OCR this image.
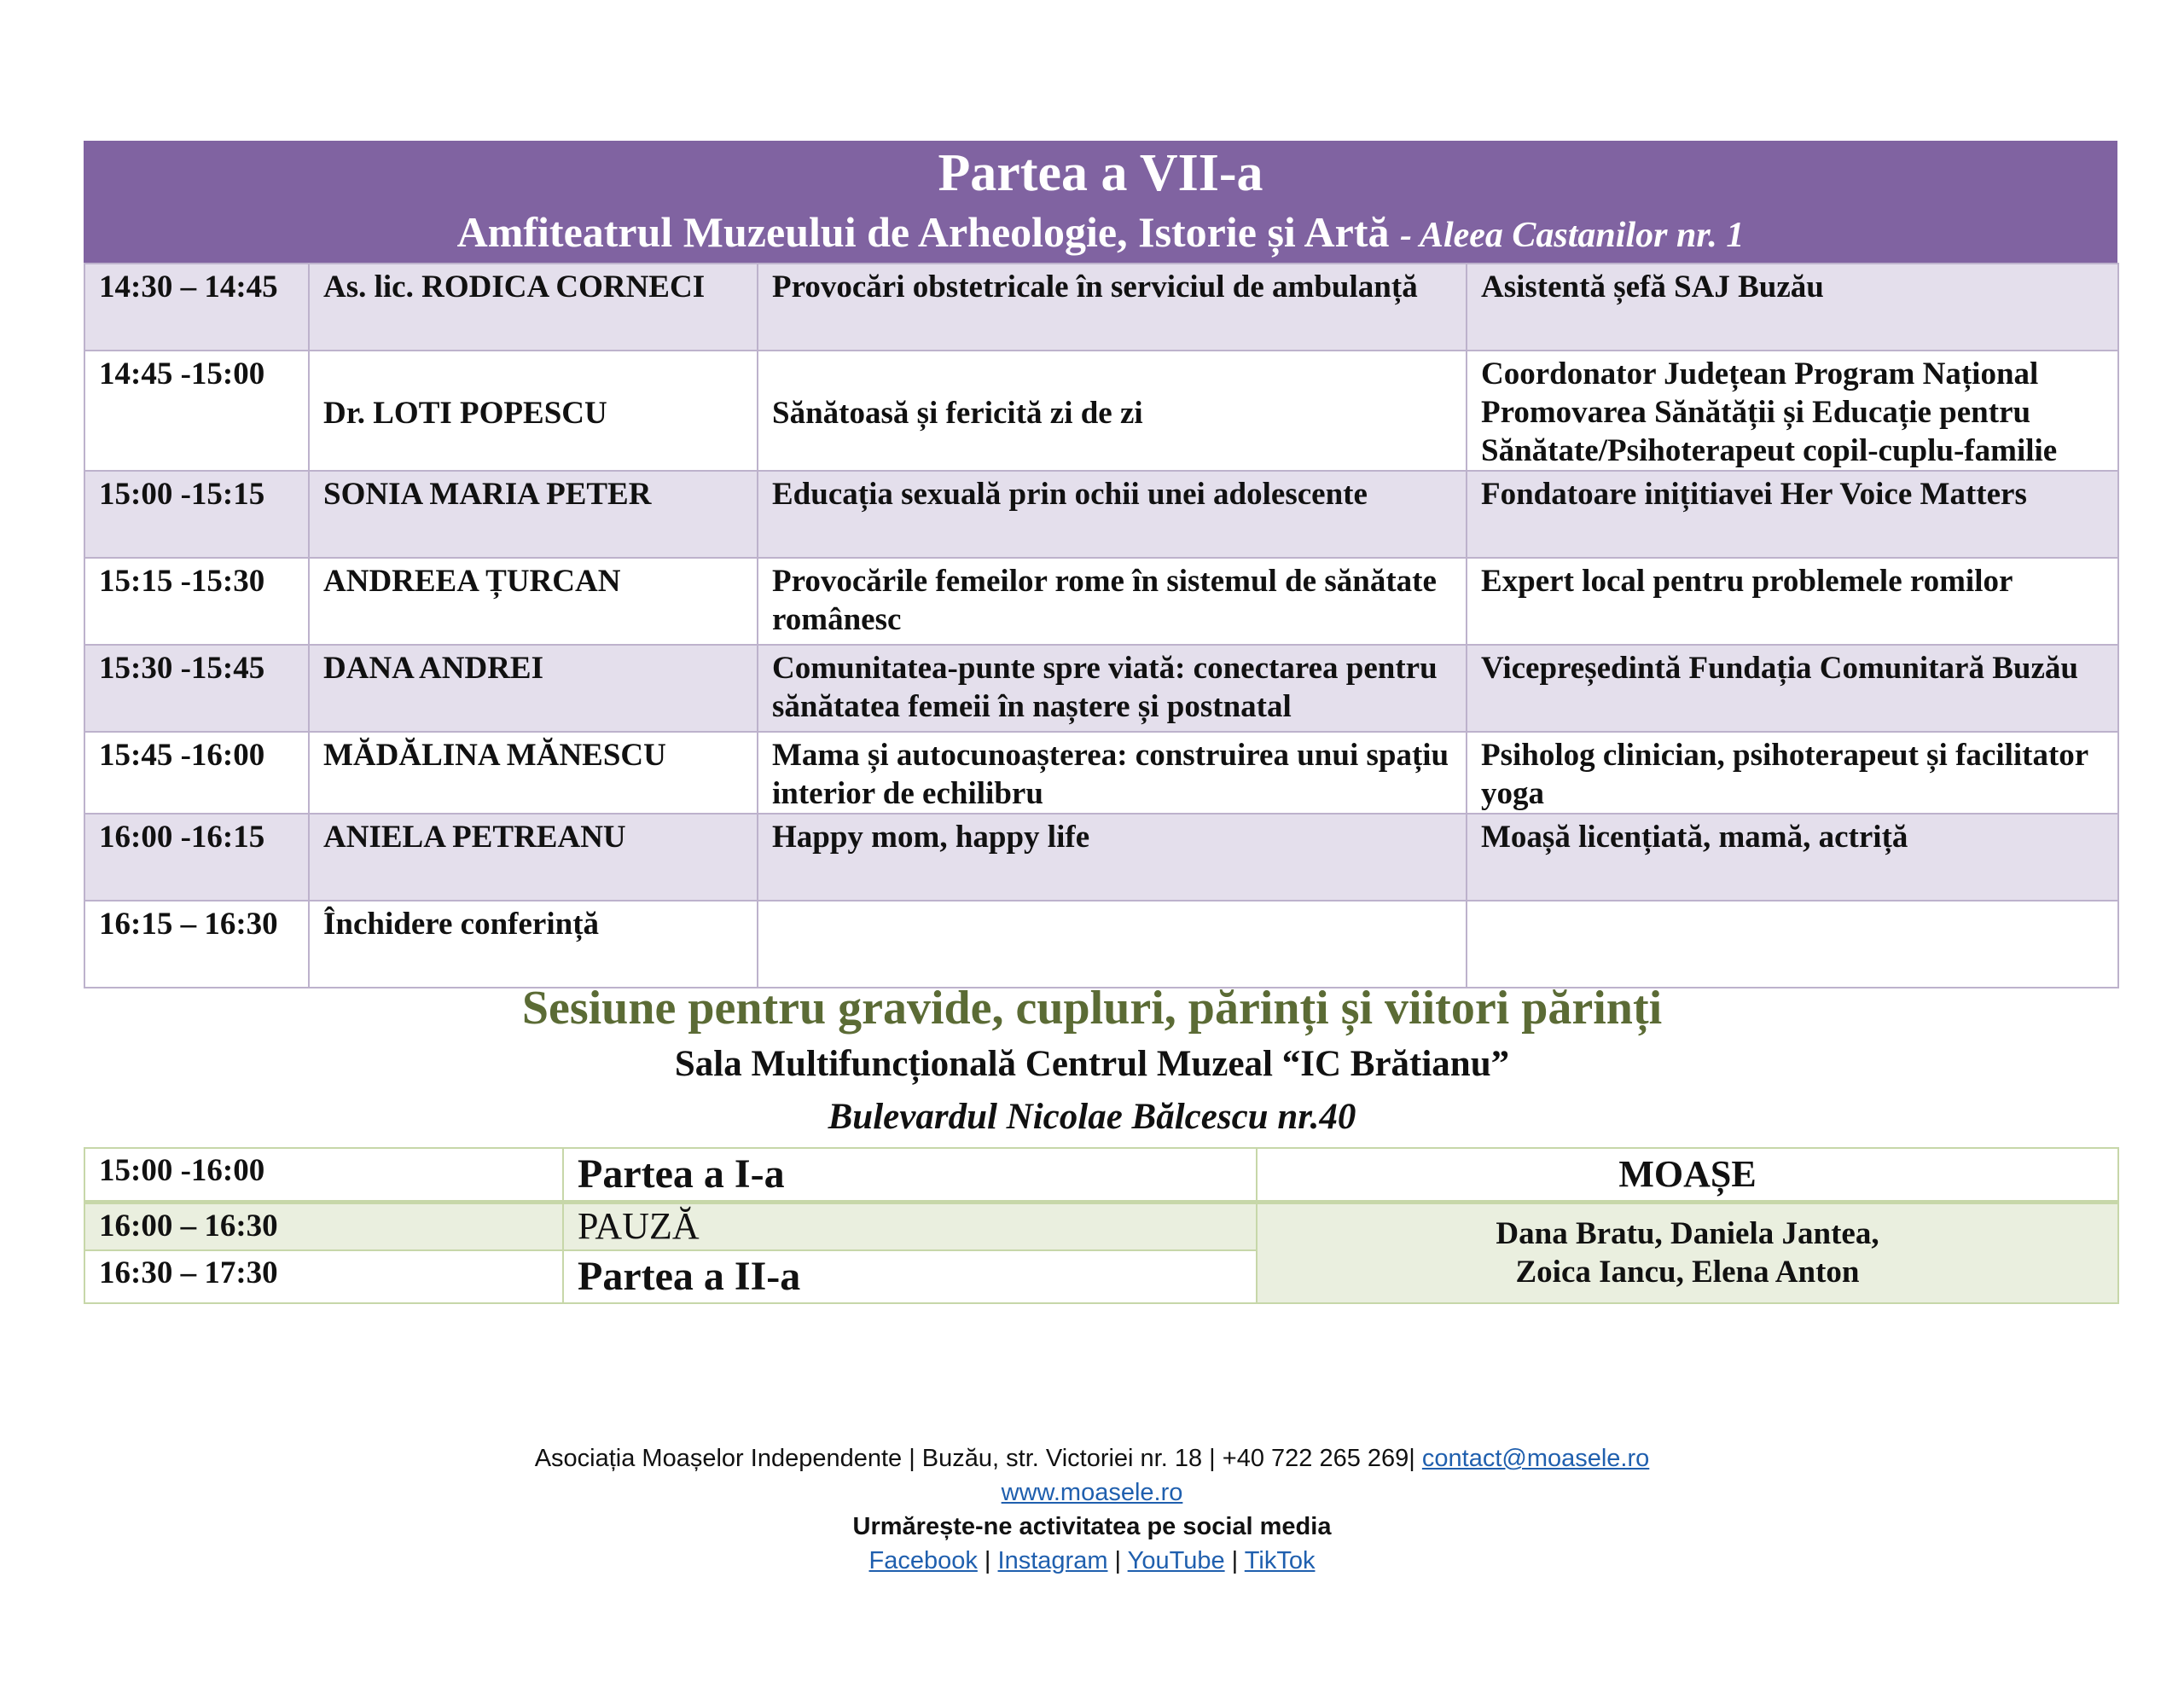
Partea a VII-a
Amfiteatrul Muzeului de Arheologie, Istorie și Artă - Aleea Castanilor nr. 1
14:30 – 14:45	As. lic. RODICA CORNECI	Provocări obstetricale în serviciul de ambulanță	Asistentă șefă SAJ Buzău
14:45 -15:00	Dr. LOTI POPESCU	Sănătoasă și fericită zi de zi	Coordonator Județean Program Național Promovarea Sănătății și Educație pentru Sănătate/Psihoterapeut copil-cuplu-familie
15:00 -15:15	SONIA MARIA PETER	Educația sexuală prin ochii unei adolescente	Fondatoare inițitiavei Her Voice Matters
15:15 -15:30	ANDREEA ȚURCAN	Provocările femeilor rome în sistemul de sănătate românesc	Expert local pentru problemele romilor
15:30 -15:45	DANA ANDREI	Comunitatea-punte spre viată: conectarea pentru sănătatea femeii în naștere și postnatal	Vicepreședintă Fundația Comunitară Buzău
15:45 -16:00	MĂDĂLINA MĂNESCU	Mama și autocunoașterea: construirea unui spațiu interior de echilibru	Psiholog clinician, psihoterapeut și facilitator yoga
16:00 -16:15	ANIELA PETREANU	Happy mom, happy life	Moașă licențiată, mamă, actriță
16:15 – 16:30	Închidere conferință		
Sesiune pentru gravide, cupluri, părinți și viitori părinți
Sala Multifuncțională Centrul Muzeal “IC Brătianu”
Bulevardul Nicolae Bălcescu nr.40
15:00 -16:00	Partea a I-a	MOAȘE
16:00 – 16:30	PAUZĂ	Dana Bratu, Daniela Jantea,
Zoica Iancu, Elena Anton

16:30 – 17:30	Partea a II-a	
Asociația Moașelor Independente | Buzău, str. Victoriei nr. 18 | +40 722 265 269| contact@moasele.ro
www.moasele.ro
Urmărește-ne activitatea pe social media
Facebook | Instagram | YouTube | TikTok
